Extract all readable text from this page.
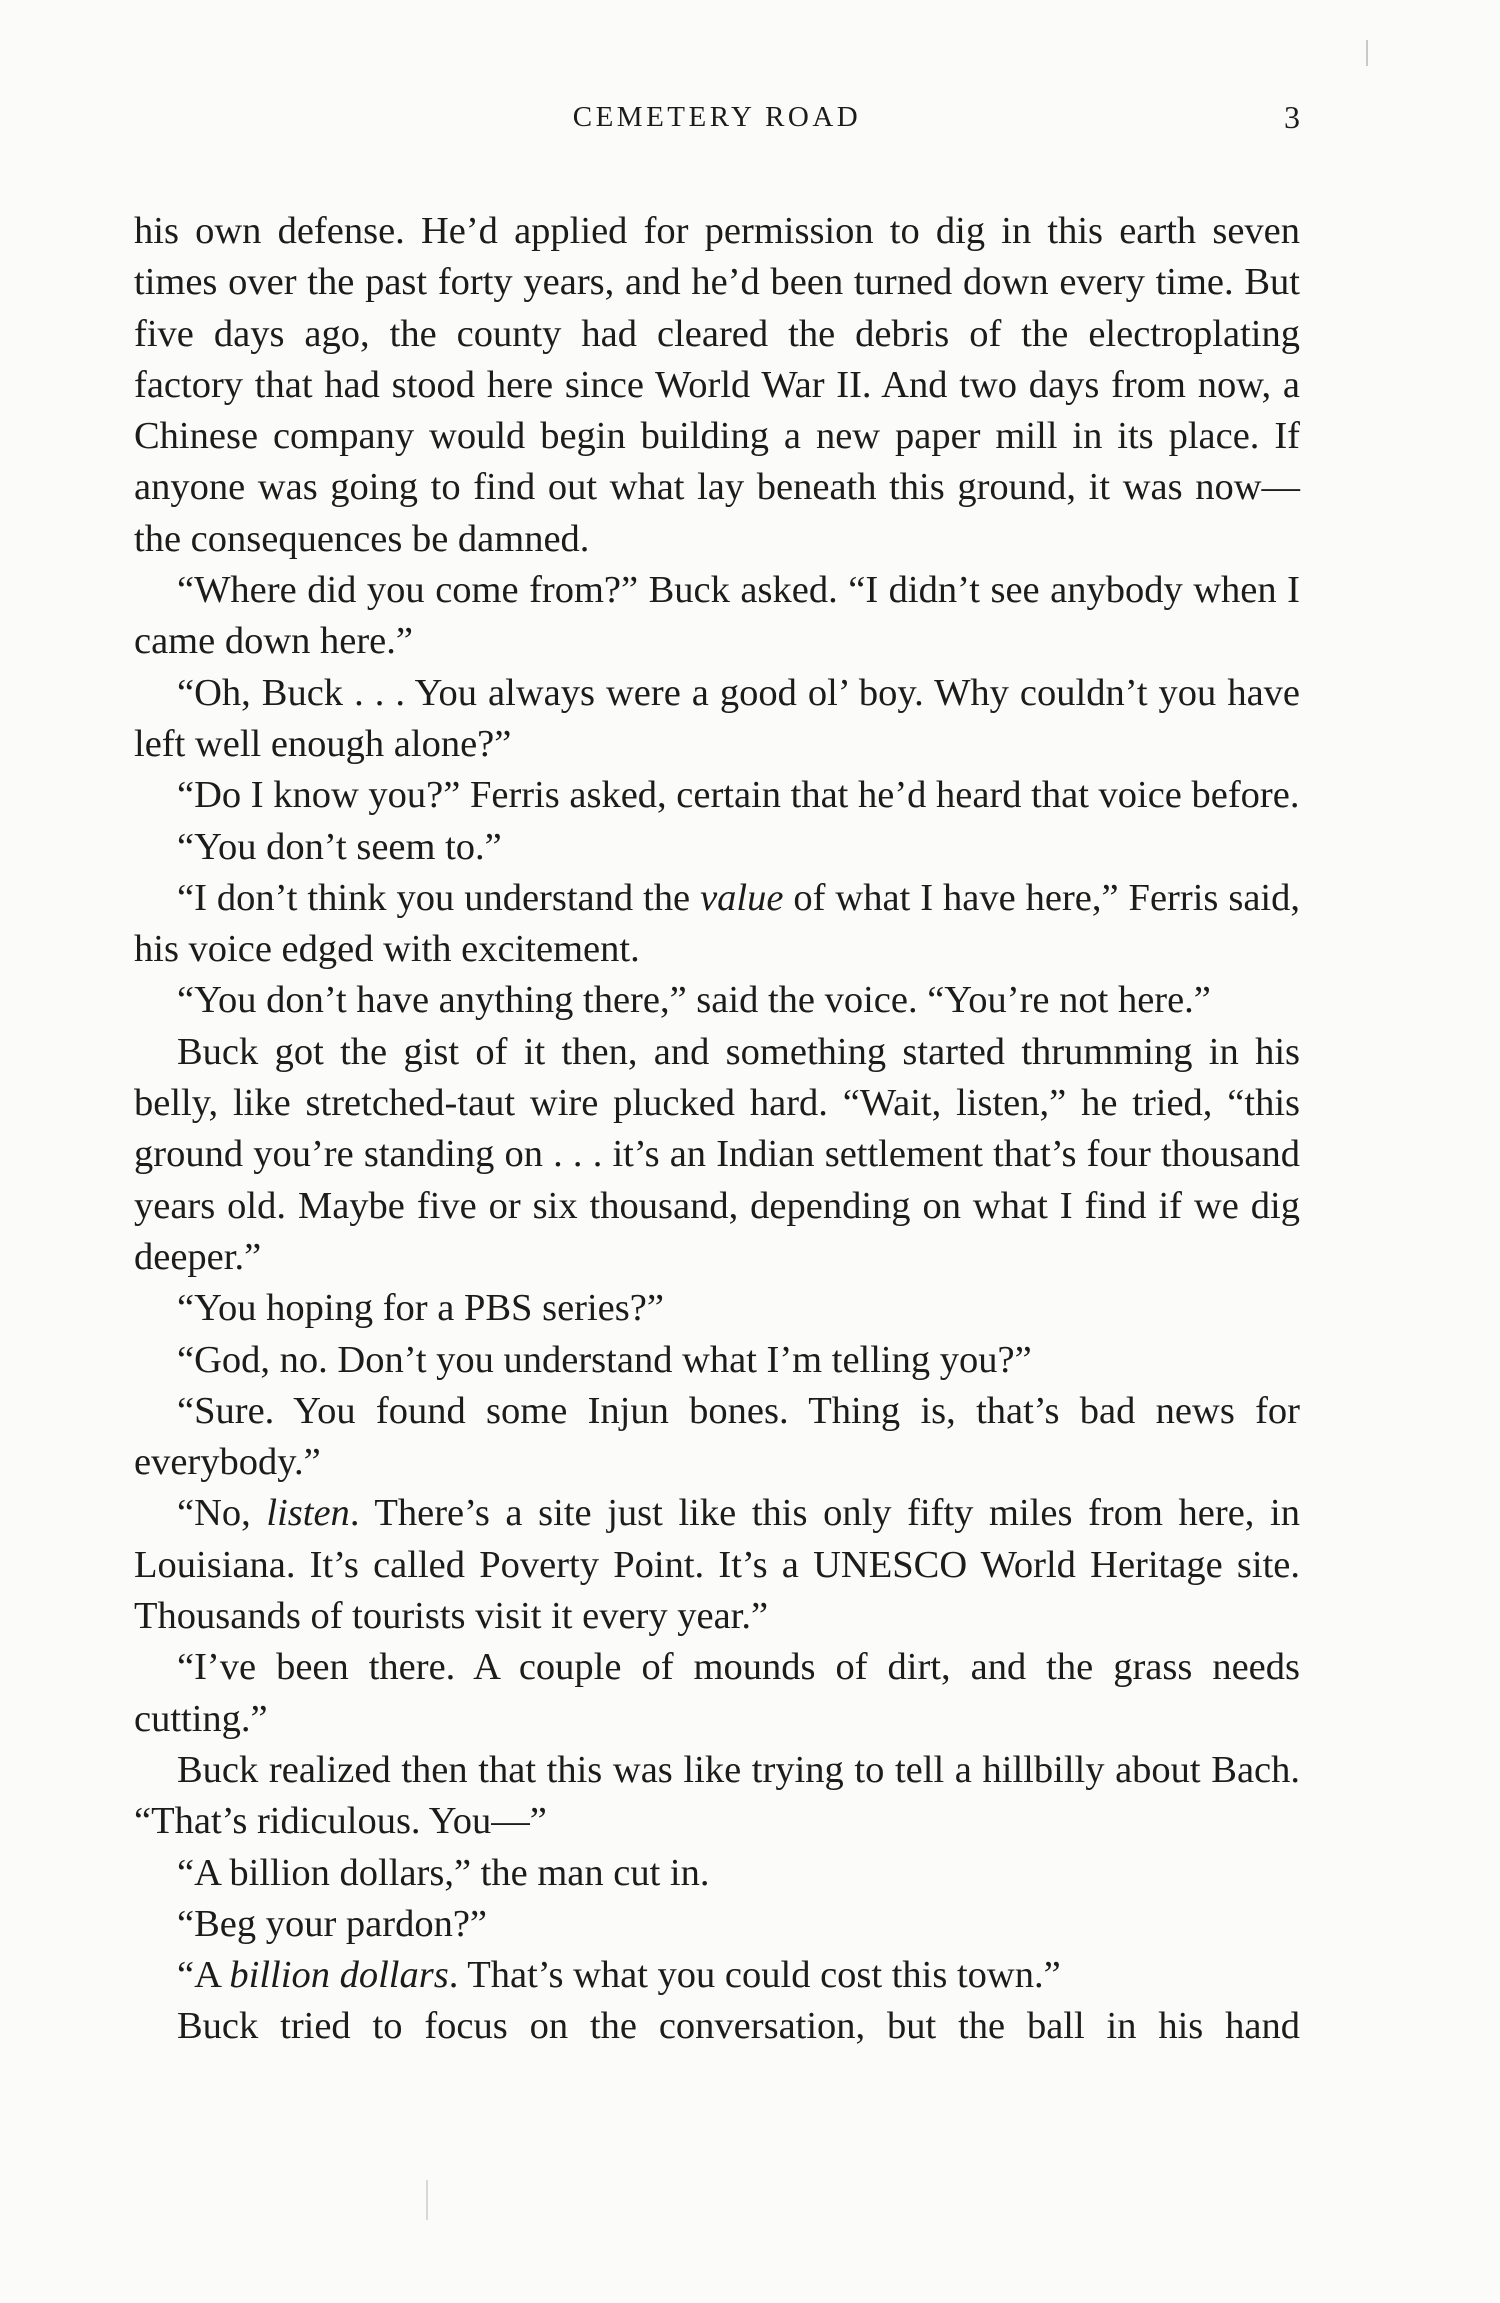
CEMETERY ROAD	3

his own defense. He’d applied for permission to dig in this earth seven times over the past forty years, and he’d been turned down every time. But five days ago, the county had cleared the debris of the electroplating factory that had stood here since World War II. And two days from now, a Chinese company would begin building a new paper mill in its place. If anyone was going to find out what lay beneath this ground, it was now—the consequences be damned.

“Where did you come from?” Buck asked. “I didn’t see anybody when I came down here.”

“Oh, Buck . . . You always were a good ol’ boy. Why couldn’t you have left well enough alone?”

“Do I know you?” Ferris asked, certain that he’d heard that voice before.

“You don’t seem to.”

“I don’t think you understand the value of what I have here,” Ferris said, his voice edged with excitement.

“You don’t have anything there,” said the voice. “You’re not here.”

Buck got the gist of it then, and something started thrumming in his belly, like stretched-taut wire plucked hard. “Wait, listen,” he tried, “this ground you’re standing on . . . it’s an Indian settlement that’s four thousand years old. Maybe five or six thousand, depending on what I find if we dig deeper.”

“You hoping for a PBS series?”

“God, no. Don’t you understand what I’m telling you?”

“Sure. You found some Injun bones. Thing is, that’s bad news for everybody.”

“No, listen. There’s a site just like this only fifty miles from here, in Louisiana. It’s called Poverty Point. It’s a UNESCO World Heritage site. Thousands of tourists visit it every year.”

“I’ve been there. A couple of mounds of dirt, and the grass needs cutting.”

Buck realized then that this was like trying to tell a hillbilly about Bach. “That’s ridiculous. You—”

“A billion dollars,” the man cut in.

“Beg your pardon?”

“A billion dollars. That’s what you could cost this town.”

Buck tried to focus on the conversation, but the ball in his hand
